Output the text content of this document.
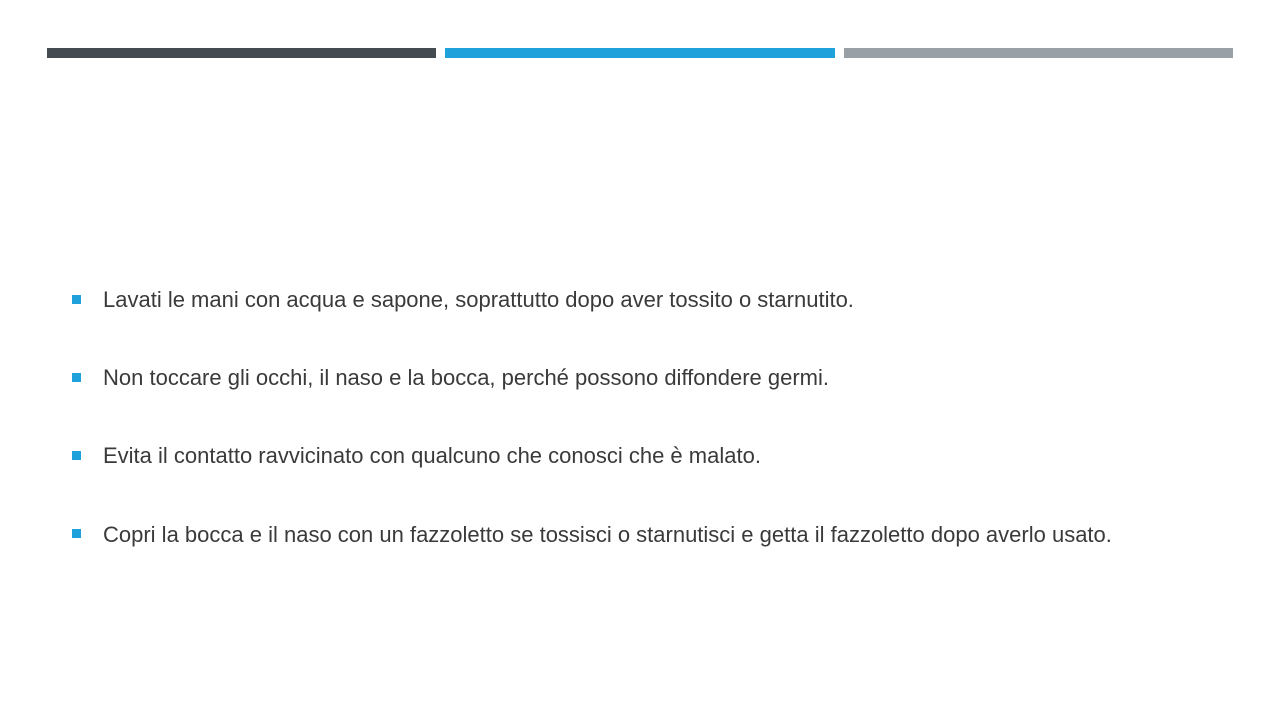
Lavati le mani con acqua e sapone, soprattutto dopo aver tossito o starnutito.
Non toccare gli occhi, il naso e la bocca, perché possono diffondere germi.
Evita il contatto ravvicinato con qualcuno che conosci che è malato.
Copri la bocca e il naso con un fazzoletto se tossisci o starnutisci e getta il fazzoletto dopo averlo usato.
